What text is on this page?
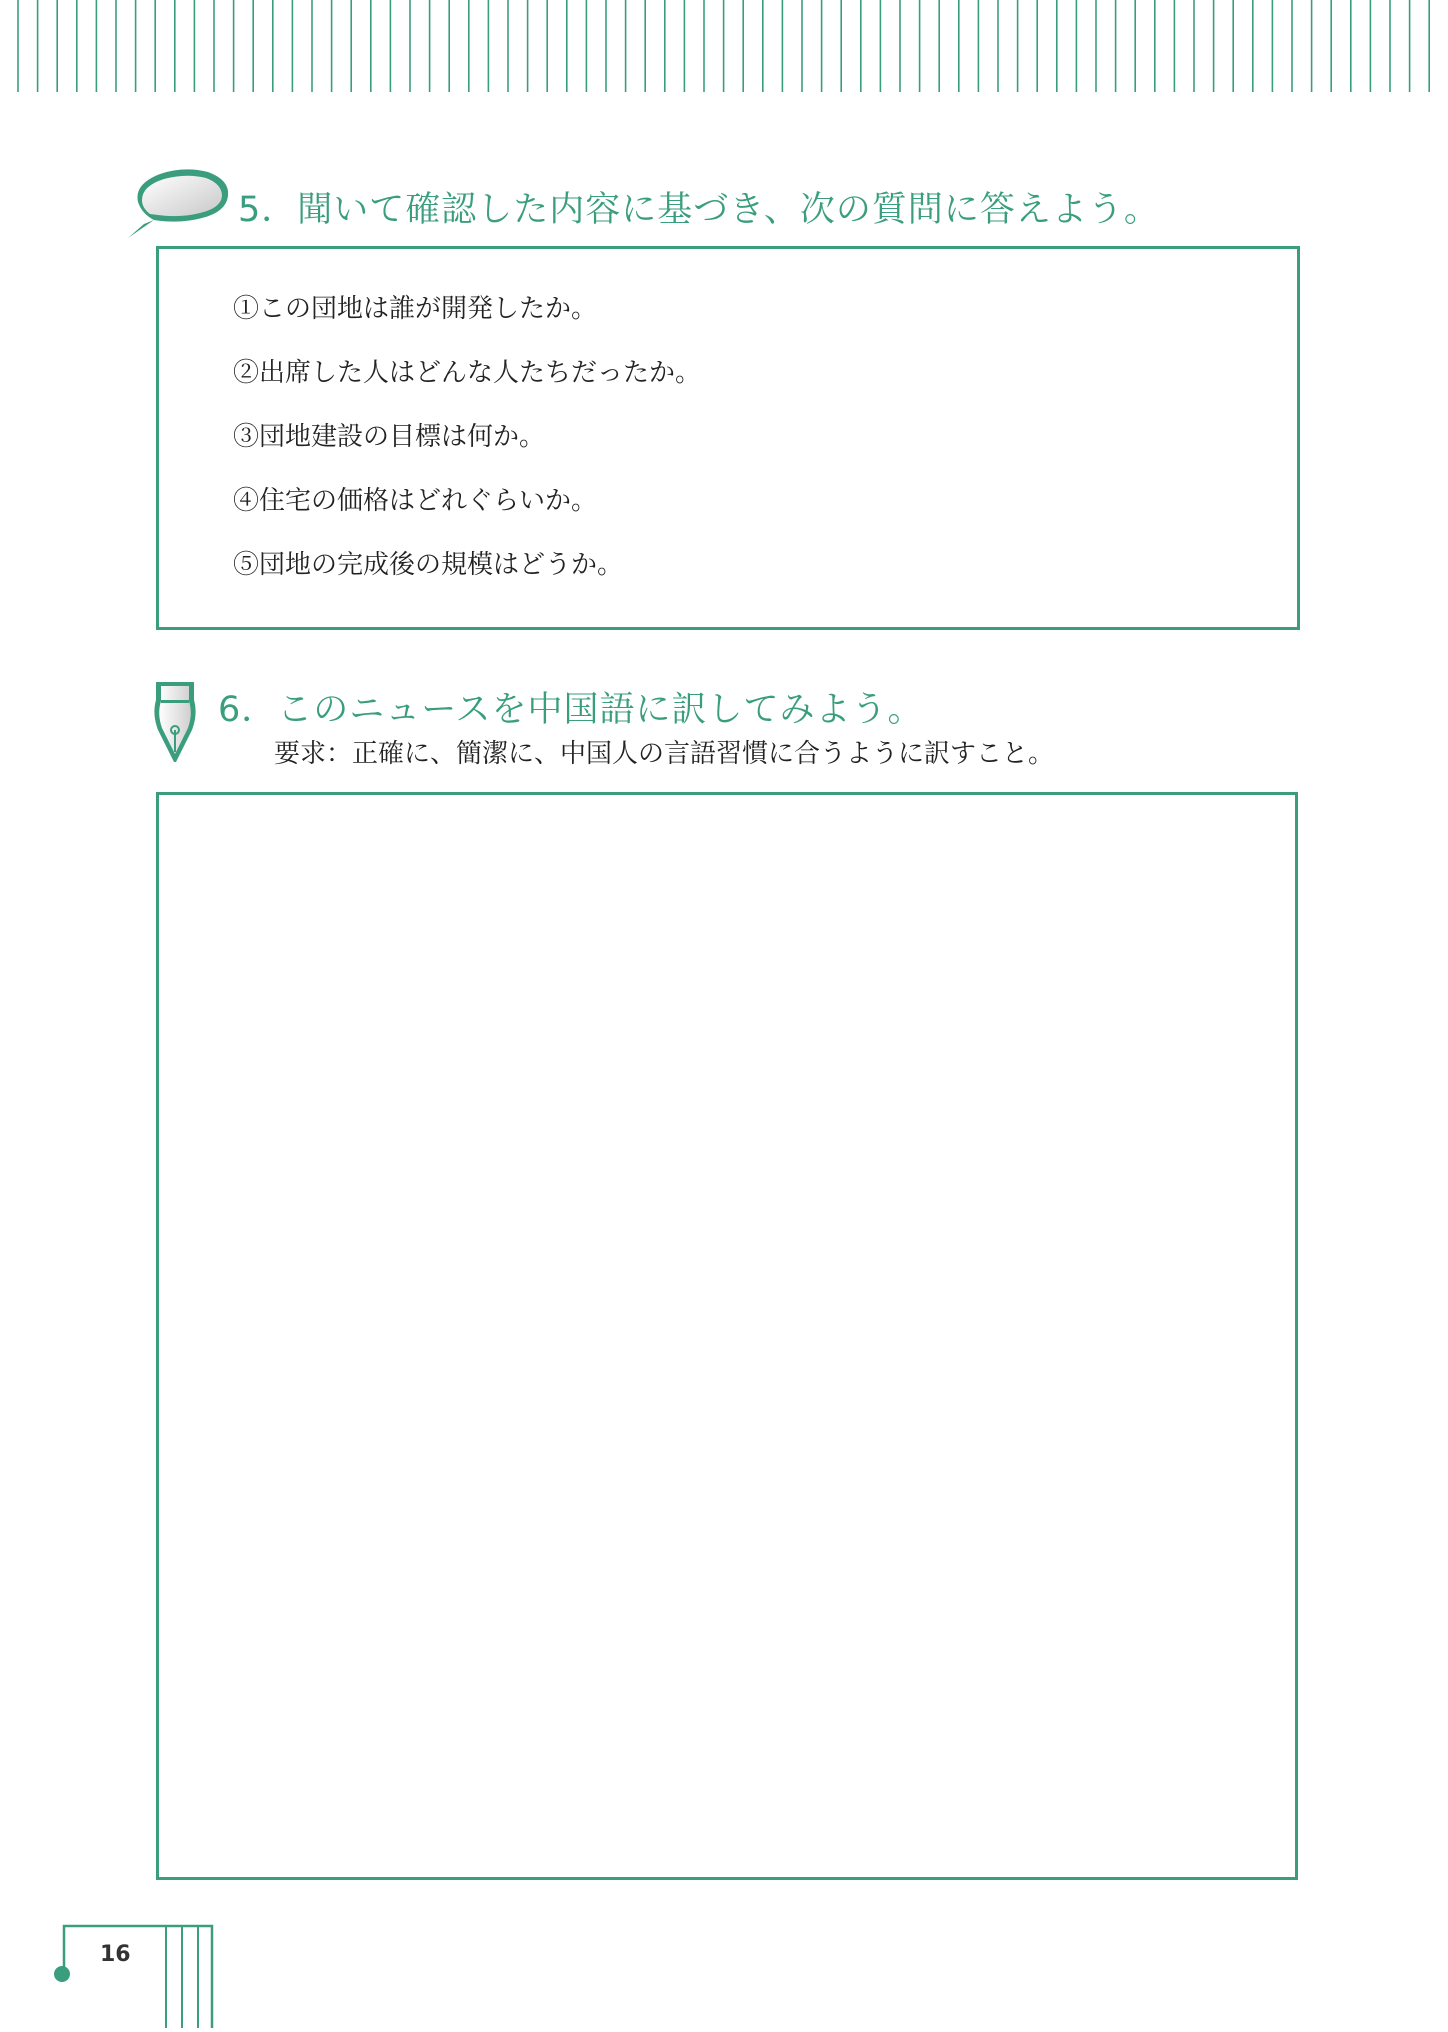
5．聞いて確認した内容に基づき、次の質問に答えよう。
①この団地は誰が開発したか。
②出席した人はどんな人たちだったか。
③団地建設の目標は何か。
④住宅の価格はどれぐらいか。
⑤団地の完成後の規模はどうか。
6．このニュースを中国語に訳してみよう。
要求：正確に、簡潔に、中国人の言語習慣に合うように訳すこと。
16
